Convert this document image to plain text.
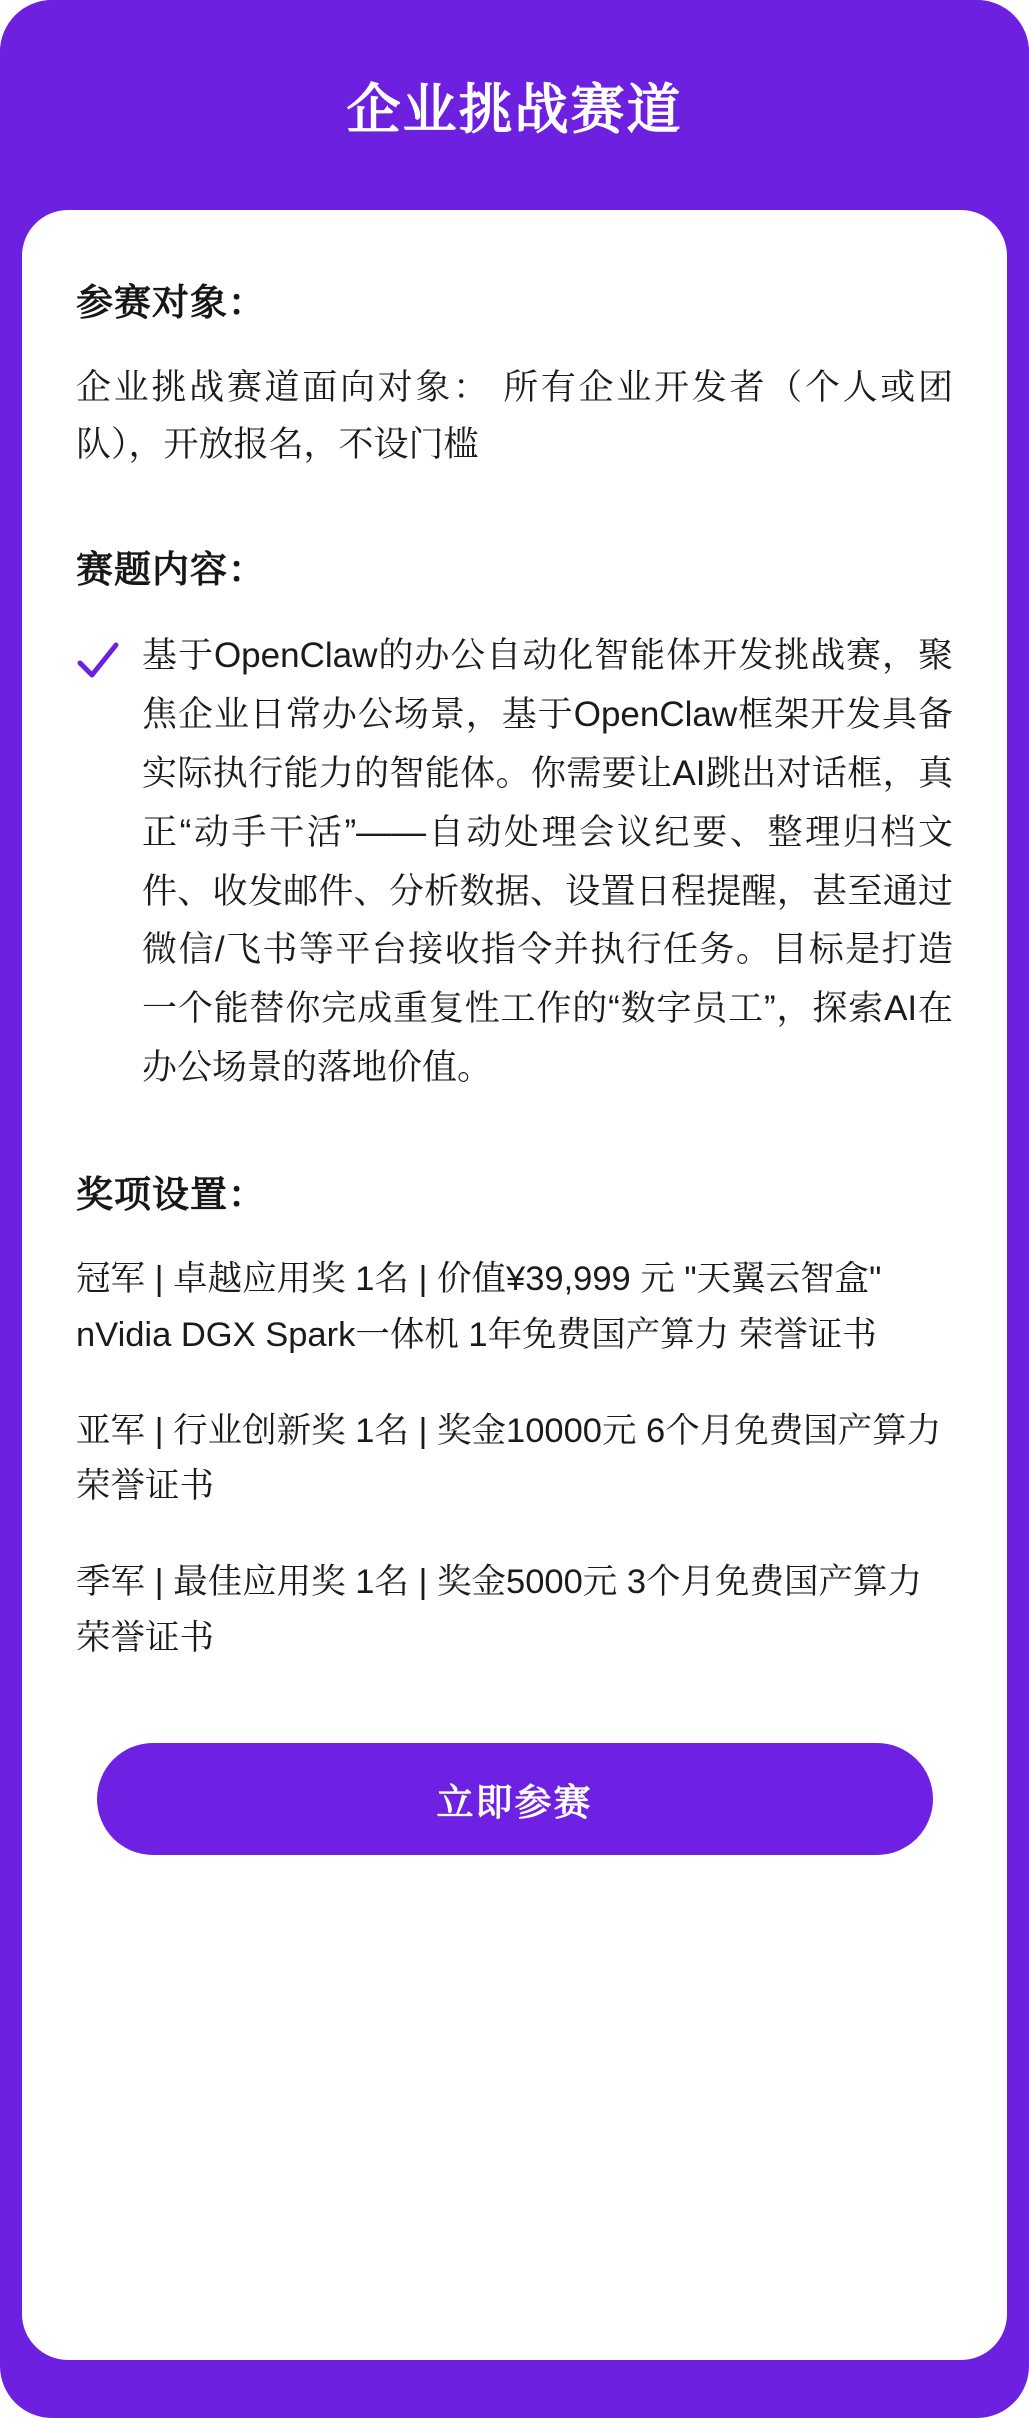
企业挑战赛道
参赛对象：

企业挑战赛道面向对象： 所有企业开发者（个人或团队），开放报名，不设门槛

赛题内容：
基于OpenClaw的办公自动化智能体开发挑战赛，聚焦企业日常办公场景，基于OpenClaw框架开发具备实际执行能力的智能体。你需要让AI跳出对话框，真正“动手干活”——自动处理会议纪要、整理归档文件、收发邮件、分析数据、设置日程提醒，甚至通过微信/飞书等平台接收指令并执行任务。目标是打造一个能替你完成重复性工作的“数字员工”，探索AI在办公场景的落地价值。
奖项设置：

冠军 | 卓越应用奖 1名 | 价值¥39,999 元 "天翼云智盒" nVidia DGX Spark一体机 1年免费国产算力 荣誉证书

亚军 | 行业创新奖 1名 | 奖金10000元 6个月免费国产算力 荣誉证书

季军 | 最佳应用奖 1名 | 奖金5000元 3个月免费国产算力 荣誉证书

立即参赛
